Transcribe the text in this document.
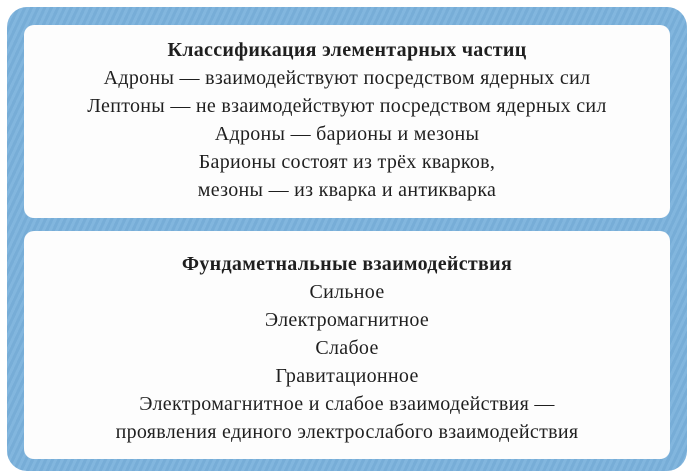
Классификация элементарных частиц
Адроны — взаимодействуют посредством ядерных сил
Лептоны — не взаимодействуют посредством ядерных сил
Адроны — барионы и мезоны
Барионы состоят из трёх кварков,
мезоны — из кварка и антикварка
Фундаметнальные взаимодействия
Сильное
Электромагнитное
Слабое
Гравитационное
Электромагнитное и слабое взаимодействия —
проявления единого электрослабого взаимодействия
